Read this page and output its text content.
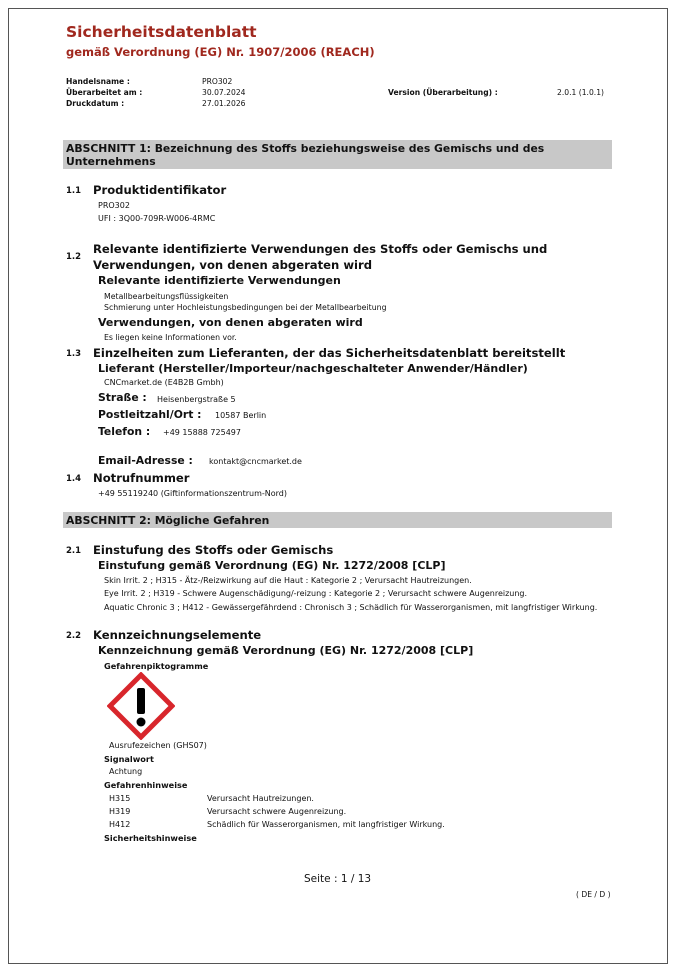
Sicherheitsdatenblatt
gemäß Verordnung (EG) Nr. 1907/2006 (REACH)
Handelsname :	PRO302
Überarbeitet am :	30.07.2024	Version (Überarbeitung) :	2.0.1 (1.0.1)
Druckdatum :	27.01.2026
ABSCHNITT 1: Bezeichnung des Stoffs beziehungsweise des Gemischs und des Unternehmens
1.1 Produktidentifikator
PRO302
UFI : 3Q00-709R-W006-4RMC
1.2
Relevante identifizierte Verwendungen des Stoffs oder Gemischs und
Verwendungen, von denen abgeraten wird
Relevante identifizierte Verwendungen
Metallbearbeitungsflüssigkeiten
Schmierung unter Hochleistungsbedingungen bei der Metallbearbeitung
Verwendungen, von denen abgeraten wird
Es liegen keine Informationen vor.
1.3 Einzelheiten zum Lieferanten, der das Sicherheitsdatenblatt bereitstellt
Lieferant (Hersteller/Importeur/nachgeschalteter Anwender/Händler)
CNCmarket.de (E4B2B Gmbh)
Straße : Heisenbergstraße 5
Postleitzahl/Ort : 10587 Berlin
Telefon : +49 15888 725497
Email-Adresse : kontakt@cncmarket.de
1.4 Notrufnummer
+49 55119240 (Giftinformationszentrum-Nord)
ABSCHNITT 2: Mögliche Gefahren
2.1 Einstufung des Stoffs oder Gemischs
Einstufung gemäß Verordnung (EG) Nr. 1272/2008 [CLP]
Skin Irrit. 2 ; H315 - Ätz-/Reizwirkung auf die Haut : Kategorie 2 ; Verursacht Hautreizungen.
Eye Irrit. 2 ; H319 - Schwere Augenschädigung/-reizung : Kategorie 2 ; Verursacht schwere Augenreizung.
Aquatic Chronic 3 ; H412 - Gewässergefährdend : Chronisch 3 ; Schädlich für Wasserorganismen, mit langfristiger Wirkung.
2.2 Kennzeichnungselemente
Kennzeichnung gemäß Verordnung (EG) Nr. 1272/2008 [CLP]
Gefahrenpiktogramme
Ausrufezeichen (GHS07)
Signalwort
Achtung
Gefahrenhinweise
H315	Verursacht Hautreizungen.
H319	Verursacht schwere Augenreizung.
H412	Schädlich für Wasserorganismen, mit langfristiger Wirkung.
Sicherheitshinweise
Seite : 1 / 13
( DE / D )
